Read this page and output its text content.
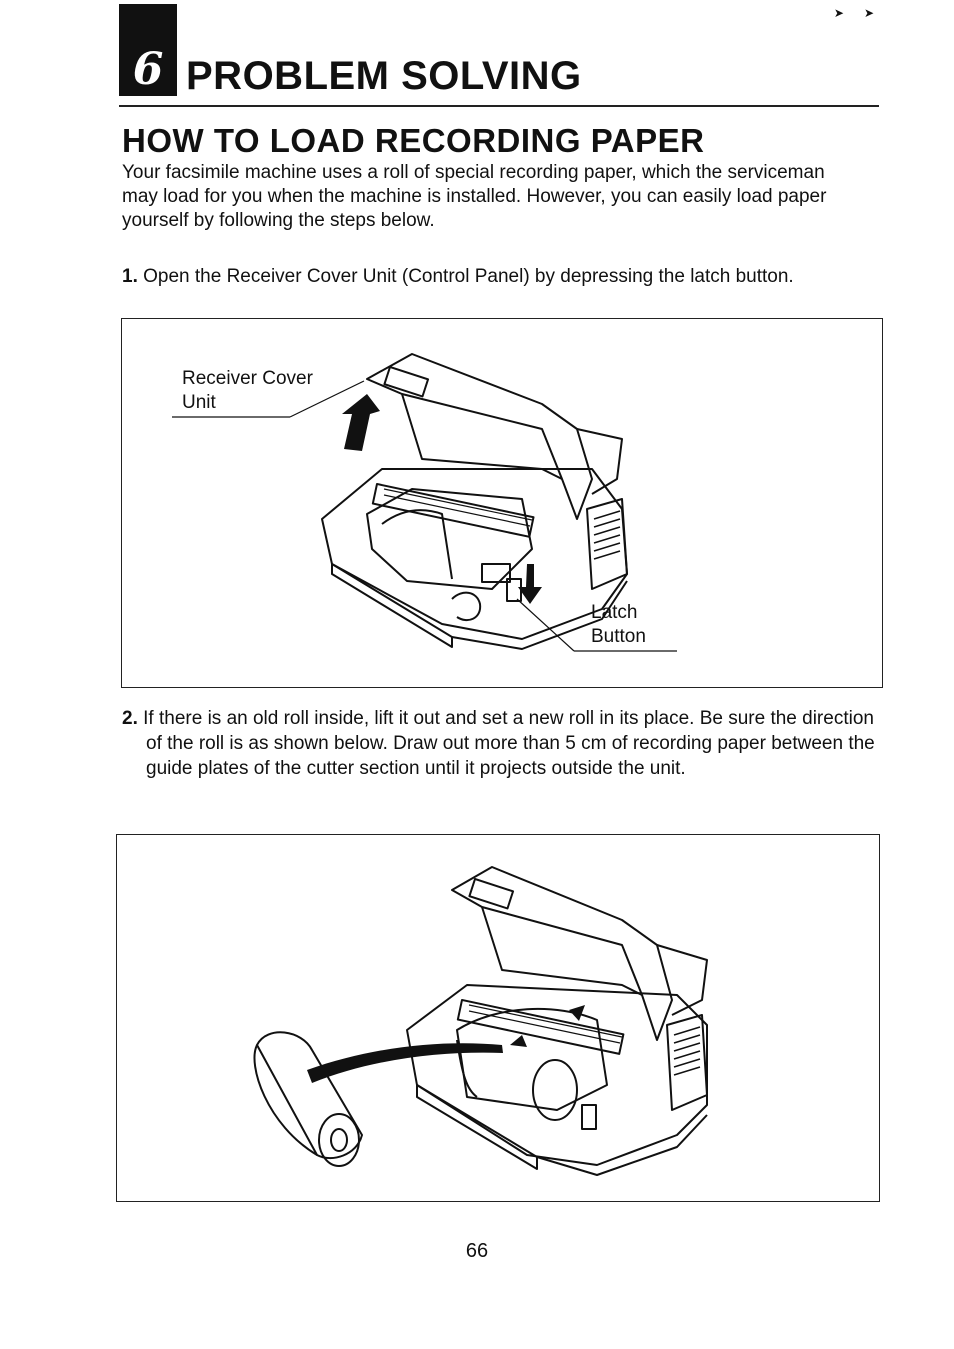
➤➤
6 PROBLEM SOLVING
HOW TO LOAD RECORDING PAPER

Your facsimile machine uses a roll of special recording paper, which the serviceman may load for you when the machine is installed. However, you can easily load paper yourself by following the steps below.

1. Open the Receiver Cover Unit (Control Panel) by depressing the latch button.

Receiver Cover Unit
Latch Button

2. If there is an old roll inside, lift it out and set a new roll in its place. Be sure the direction of the roll is as shown below. Draw out more than 5 cm of recording paper between the guide plates of the cutter section until it projects outside the unit.

66
